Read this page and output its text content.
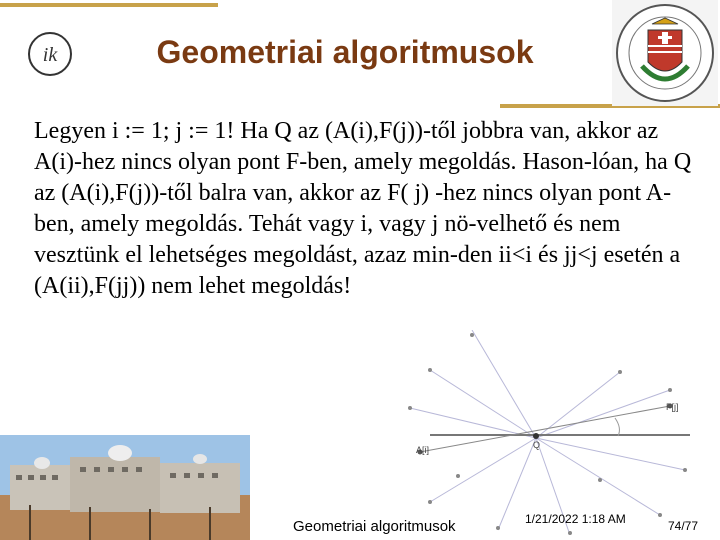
ik	Geometriai algoritmusok
Legyen i := 1; j := 1! Ha Q az (A(i),F(j))-től jobbra van, akkor az A(i)-hez nincs olyan pont F-ben, amely megoldás. Hason-lóan, ha Q az (A(i),F(j))-től balra van, akkor az F( j) -hez nincs olyan pont A-ben, amely megoldás. Tehát vagy i, vagy j nö-velhető és nem vesztünk el lehetséges megoldást, azaz min-den ii<i és jj<j esetén a (A(ii),F(jj)) nem lehet megoldás!
F[j]
A[i]	Q
Geometriai algoritmusok	1/21/2022 1:18 AM	74/77
